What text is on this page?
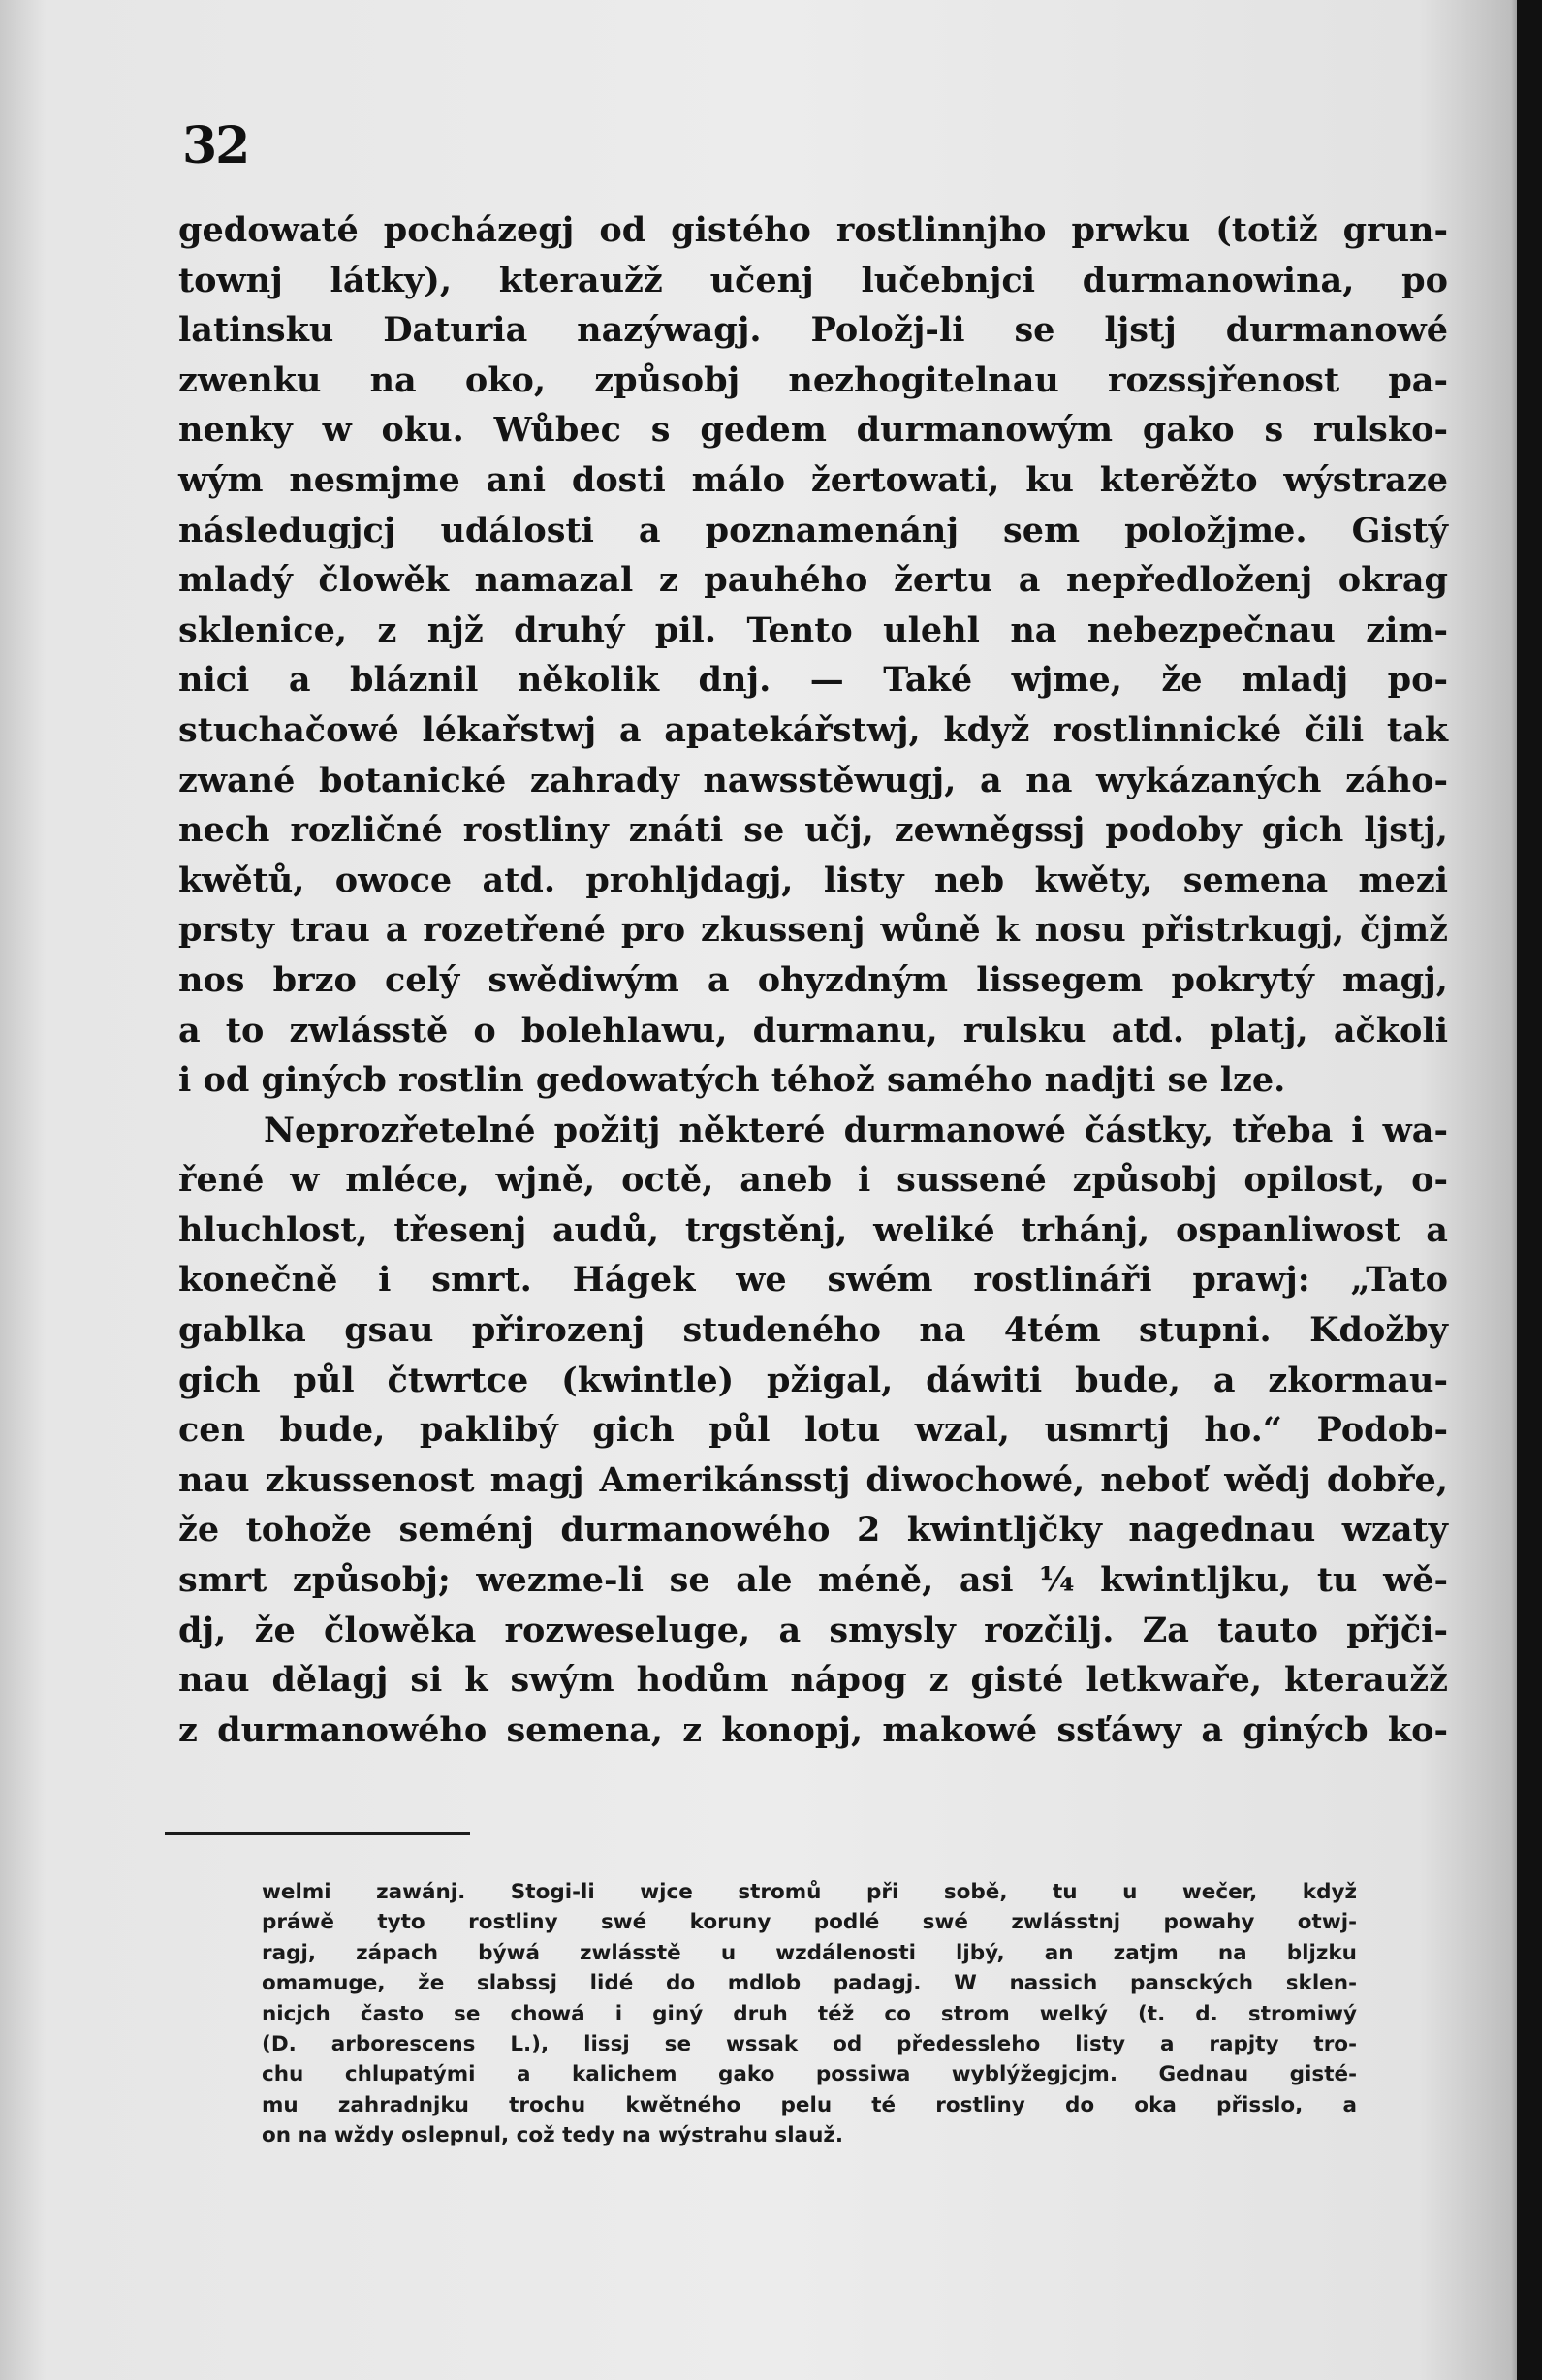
32
gedowaté pocházegj od gistého rostlinnjho prwku (totiž grun-
townj látky), kteraužž učenj lučebnjci durmanowina, po
latinsku Daturia nazýwagj. Položj-li se ljstj durmanowé
zwenku na oko, způsobj nezhogitelnau rozssjřenost pa-
nenky w oku. Wůbec s gedem durmanowým gako s rulsko-
wým nesmjme ani dosti málo žertowati, ku kterěžto wýstraze
následugjcj události a poznamenánj sem položjme. Gistý
mladý člowěk namazal z pauhého žertu a nepředloženj okrag
sklenice, z njž druhý pil. Tento ulehl na nebezpečnau zim-
nici a bláznil několik dnj. — Také wjme, že mladj po-
stuchačowé lékařstwj a apatekářstwj, když rostlinnické čili tak
zwané botanické zahrady nawsstěwugj, a na wykázaných záho-
nech rozličné rostliny znáti se učj, zewněgssj podoby gich ljstj,
kwětů, owoce atd. prohljdagj, listy neb kwěty, semena mezi
prsty trau a rozetřené pro zkussenj wůně k nosu přistrkugj, čjmž
nos brzo celý swědiwým a ohyzdným lissegem pokrytý magj,
a to zwlásstě o bolehlawu, durmanu, rulsku atd. platj, ačkoli
i od ginýcb rostlin gedowatých téhož samého nadjti se lze.
Neprozřetelné požitj některé durmanowé částky, třeba i wa-
řené w mléce, wjně, octě, aneb i sussené způsobj opilost, o-
hluchlost, třesenj audů, trgstěnj, weliké trhánj, ospanliwost a
konečně i smrt. Hágek we swém rostlináři prawj: „Tato
gablka gsau přirozenj studeného na 4tém stupni. Kdožby
gich půl čtwrtce (kwintle) pžigal, dáwiti bude, a zkormau-
cen bude, paklibý gich půl lotu wzal, usmrtj ho.“ Podob-
nau zkussenost magj Amerikánsstj diwochowé, neboť wědj dobře,
že tohože seménj durmanowého 2 kwintljčky nagednau wzaty
smrt způsobj; wezme-li se ale méně, asi ¼ kwintljku, tu wě-
dj, že člowěka rozweseluge, a smysly rozčilj. Za tauto přjči-
nau dělagj si k swým hodům nápog z gisté letkwaře, kteraužž
z durmanowého semena, z konopj, makowé ssťáwy a ginýcb ko-
welmi zawánj. Stogi-li wjce stromů při sobě, tu u wečer, když
práwě tyto rostliny swé koruny podlé swé zwlásstnj powahy otwj-
ragj, zápach býwá zwlásstě u wzdálenosti ljbý, an zatjm na bljzku
omamuge, že slabssj lidé do mdlob padagj. W nassich pansckých sklen-
nicjch často se chowá i giný druh též co strom welký (t. d. stromiwý
(D. arborescens L.), lissj se wssak od předessleho listy a rapjty tro-
chu chlupatými a kalichem gako possiwa wyblýžegjcjm. Gednau gisté-
mu zahradnjku trochu kwětného pelu té rostliny do oka přisslo, a
on na wždy oslepnul, což tedy na wýstrahu slauž.
